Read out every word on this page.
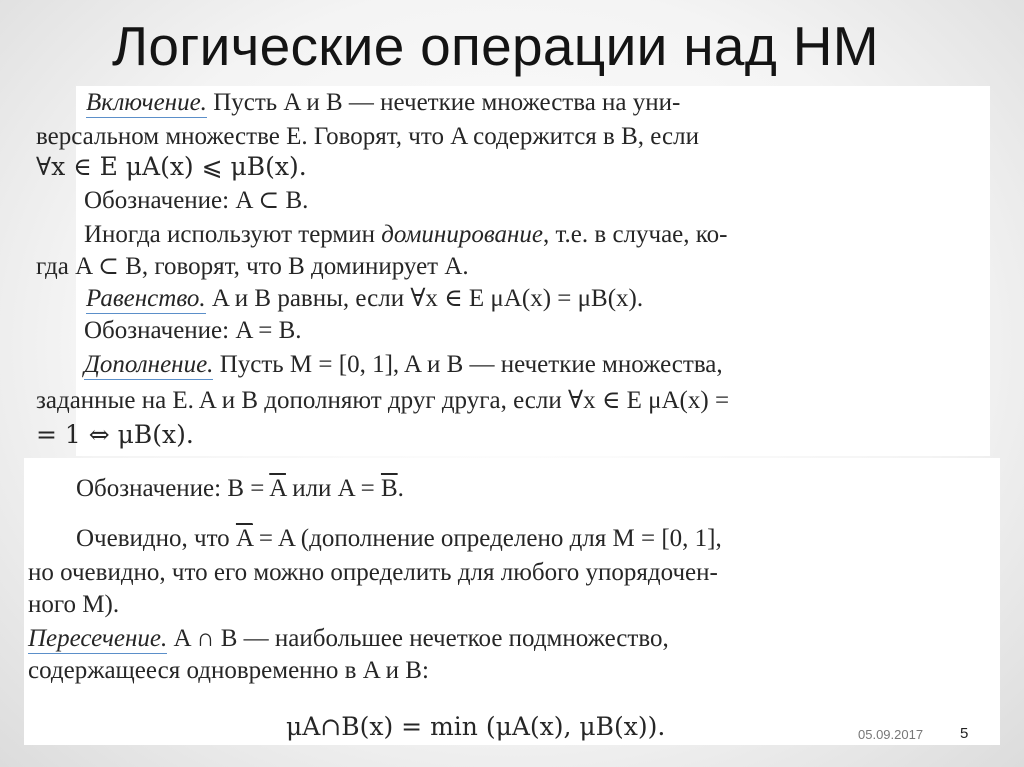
Логические операции над НМ
Включение. Пусть A и B — нечеткие множества на уни-
версальном множестве E. Говорят, что A содержится в B, если
∀x ∈ E μA(x) ⩽ μB(x).
Обозначение: A ⊂ B.
Иногда используют термин доминирование, т.е. в случае, ко-
гда A ⊂ B, говорят, что B доминирует A.
Равенство. A и B равны, если ∀x ∈ E μA(x) = μB(x).
Обозначение: A = B.
Дополнение. Пусть M = [0, 1], A и B — нечеткие множества,
заданные на E. A и B дополняют друг друга, если ∀x ∈ E μA(x) =
= 1 ⇔ μB(x).
Обозначение: $B = \overline{A}$ или $A = \overline{B}$.
Очевидно, что $\overline{A} = A$ (дополнение определено для M = [0, 1],
но очевидно, что его можно определить для любого упорядочен-
ного M).
Пересечение. A ∩ B — наибольшее нечеткое подмножество,
содержащееся одновременно в A и B:
μA∩B(x) = min (μA(x), μB(x)).	05.09.2017 5
